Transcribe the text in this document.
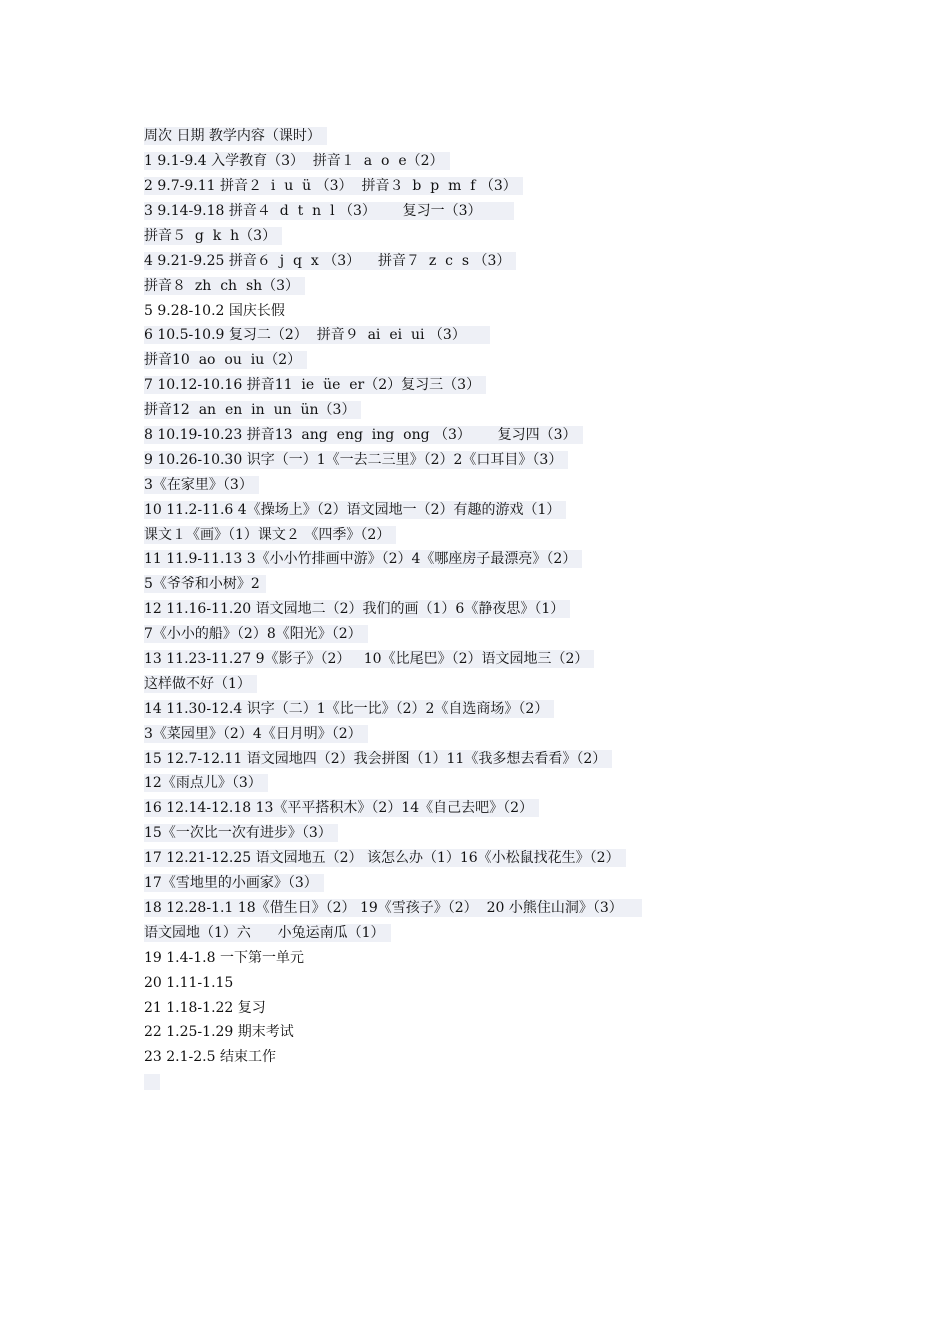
周次 日期 教学内容（课时）
1 9.1-9.4 入学教育（3）  拼音１  a  o  e（2）
2 9.7-9.11 拼音２  i  u  ü （3）  拼音３  b  p  m  f （3）
3 9.14-9.18 拼音４  d  t  n  l （3）      复习一（3）
拼音５  g  k  h（3）
4 9.21-9.25 拼音６  j  q  x （3）    拼音７  z  c  s （3）
拼音８  zh  ch  sh（3）
5 9.28-10.2 国庆长假
6 10.5-10.9 复习二（2）  拼音９  ai  ei  ui （3）
拼音10  ao  ou  iu（2）
7 10.12-10.16 拼音11  ie  üe  er（2）复习三（3）
拼音12  an  en  in  un  ün（3）
8 10.19-10.23 拼音13  ang  eng  ing  ong （3）      复习四（3）
9 10.26-10.30 识字（一）1《一去二三里》（2）2《口耳目》（3）
3《在家里》（3）
10 11.2-11.6 4《操场上》（2）语文园地一（2）有趣的游戏（1）
课文１《画》（1）课文２ 《四季》（2）
11 11.9-11.13 3《小小竹排画中游》（2）4《哪座房子最漂亮》（2）
5《爷爷和小树》2
12 11.16-11.20 语文园地二（2）我们的画（1）6《静夜思》（1）
7《小小的船》（2）8《阳光》（2）
13 11.23-11.27 9《影子》（2）   10《比尾巴》（2）语文园地三（2）
这样做不好（1）
14 11.30-12.4 识字（二）1《比一比》（2）2《自选商场》（2）
3《菜园里》（2）4《日月明》（2）
15 12.7-12.11 语文园地四（2）我会拼图（1）11《我多想去看看》（2）
12《雨点儿》（3）
16 12.14-12.18 13《平平搭积木》（2）14《自己去吧》（2）
15《一次比一次有进步》（3）
17 12.21-12.25 语文园地五（2） 该怎么办（1）16《小松鼠找花生》（2）
17《雪地里的小画家》（3）
18 12.28-1.1 18《借生日》（2） 19《雪孩子》（2）  20 小熊住山洞》（3）
语文园地（1）六      小兔运南瓜（1）
19 1.4-1.8 一下第一单元
20 1.11-1.15
21 1.18-1.22 复习
22 1.25-1.29 期末考试
23 2.1-2.5 结束工作
